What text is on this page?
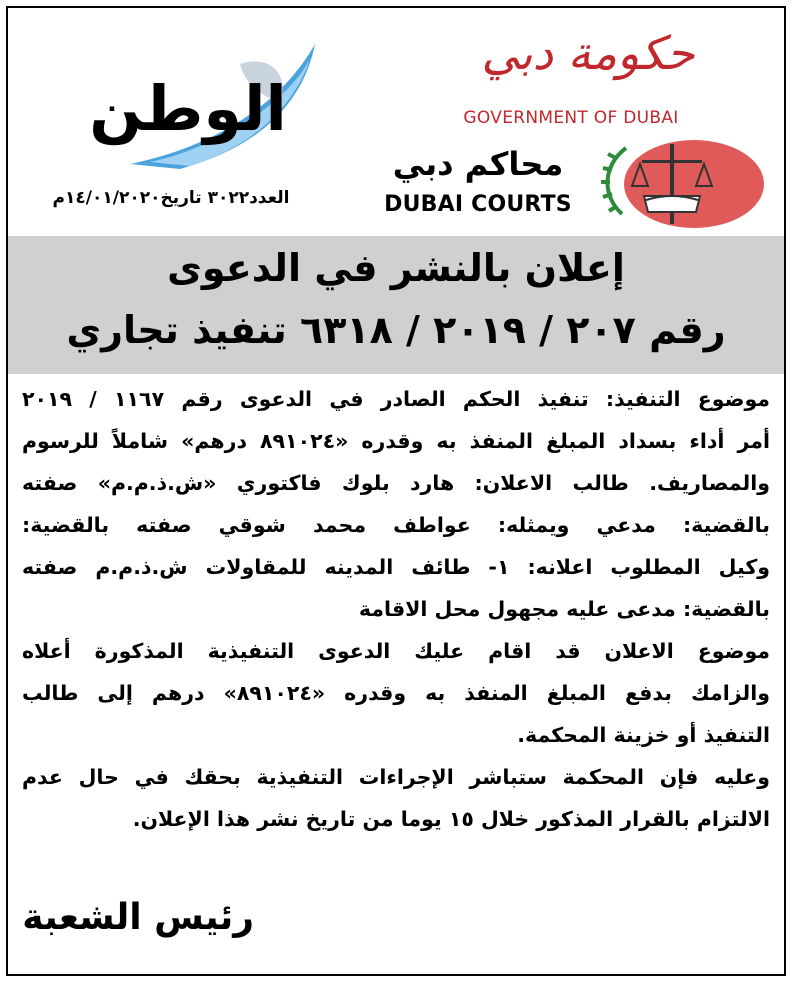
الوطن
العدد٣٠٢٢ تاريخ١٤/٠١/٢٠٢٠م
حكومة دبي
GOVERNMENT OF DUBAI
محاكم دبي
DUBAI COURTS
إعلان بالنشر في الدعوى
رقم ٢٠٧ / ٢٠١٩ / ٦٣١٨ تنفيذ تجاري
موضوع التنفيذ: تنفيذ الحكم الصادر في الدعوى رقم ١١٦٧ / ٢٠١٩
أمر أداء بسداد المبلغ المنفذ به وقدره «٨٩١٠٢٤ درهم» شاملاً للرسوم
والمصاريف. طالب الاعلان: هارد بلوك فاكتوري «ش.ذ.م.م» صفته
بالقضية: مدعي ويمثله: عواطف محمد شوقي صفته بالقضية:
وكيل المطلوب اعلانه: ١- طائف المدينه للمقاولات ش.ذ.م.م صفته
بالقضية: مدعى عليه مجهول محل الاقامة
موضوع الاعلان قد اقام عليك الدعوى التنفيذية المذكورة أعلاه
والزامك بدفع المبلغ المنفذ به وقدره «٨٩١٠٢٤» درهم إلى طالب
التنفيذ أو خزينة المحكمة.
وعليه فإن المحكمة ستباشر الإجراءات التنفيذية بحقك في حال عدم
الالتزام بالقرار المذكور خلال ١٥ يوما من تاريخ نشر هذا الإعلان.
رئيس الشعبة
